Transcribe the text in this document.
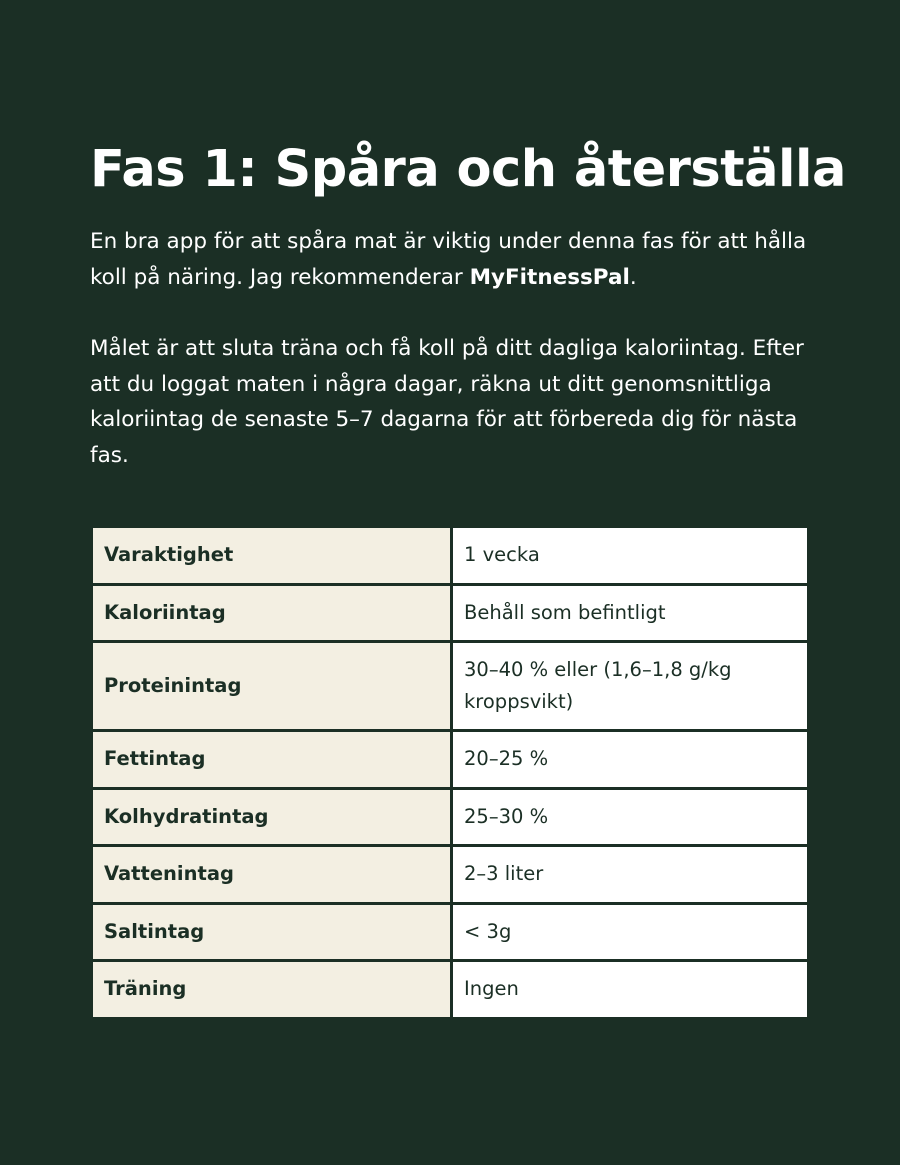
Fas 1: Spåra och återställa

En bra app för att spåra mat är viktig under denna fas för att hålla koll på näring. Jag rekommenderar MyFitnessPal.

Målet är att sluta träna och få koll på ditt dagliga kaloriintag. Efter att du loggat maten i några dagar, räkna ut ditt genomsnittliga kaloriintag de senaste 5–7 dagarna för att förbereda dig för nästa fas.

Varaktighet	1 vecka
Kaloriintag	Behåll som befintligt
Proteinintag	30–40 % eller (1,6–1,8 g/kg kroppsvikt)
Fettintag	20–25 %
Kolhydratintag	25–30 %
Vattenintag	2–3 liter
Saltintag	< 3g
Träning	Ingen
